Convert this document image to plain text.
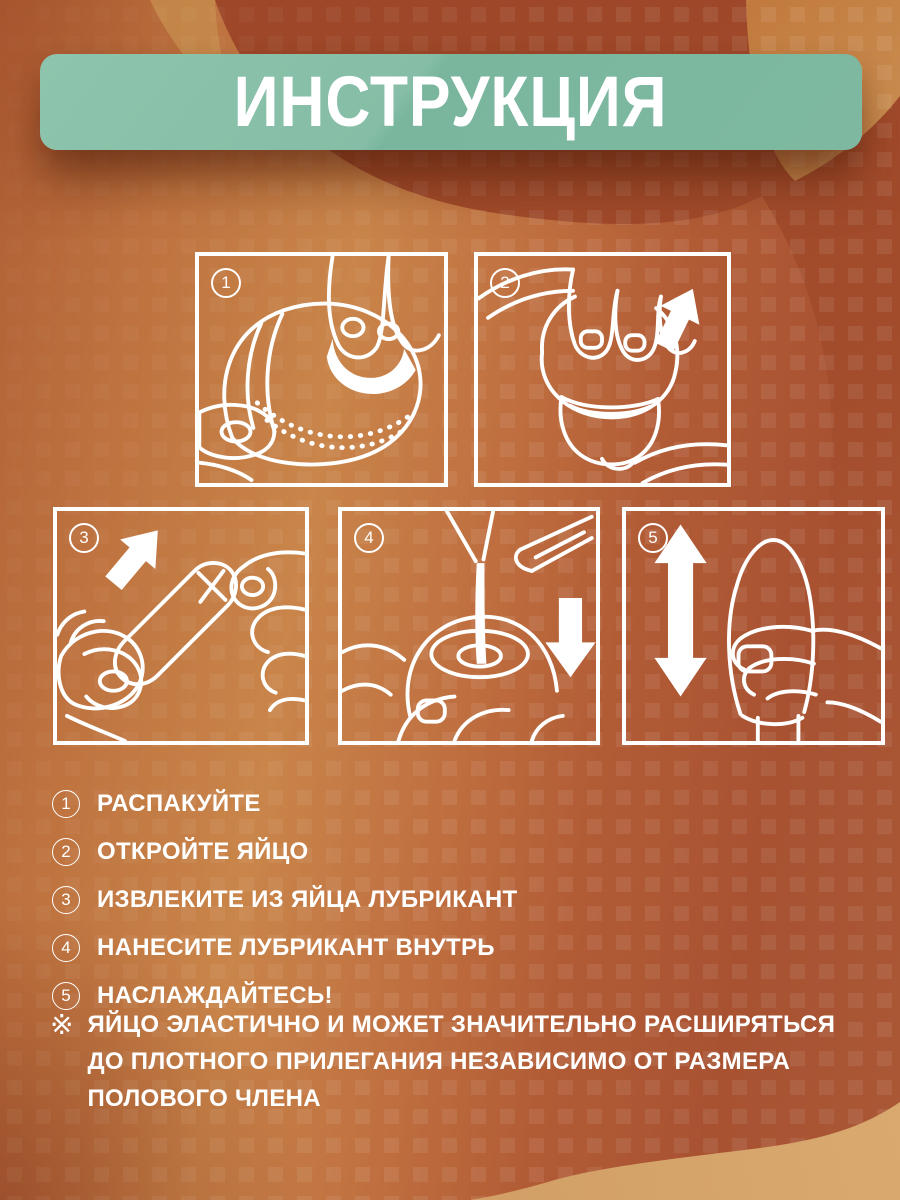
ИНСТРУКЦИЯ
1	2
3	4	5
1	РАСПАКУЙТЕ
2	ОТКРОЙТЕ ЯЙЦО
3	ИЗВЛЕКИТЕ ИЗ ЯЙЦА ЛУБРИКАНТ
4	НАНЕСИТЕ ЛУБРИКАНТ ВНУТРЬ
5	НАСЛАЖДАЙТЕСЬ!
※ ЯЙЦО ЭЛАСТИЧНО И МОЖЕТ ЗНАЧИТЕЛЬНО РАСШИРЯТЬСЯ
ДО ПЛОТНОГО ПРИЛЕГАНИЯ НЕЗАВИСИМО ОТ РАЗМЕРА
ПОЛОВОГО ЧЛЕНА
